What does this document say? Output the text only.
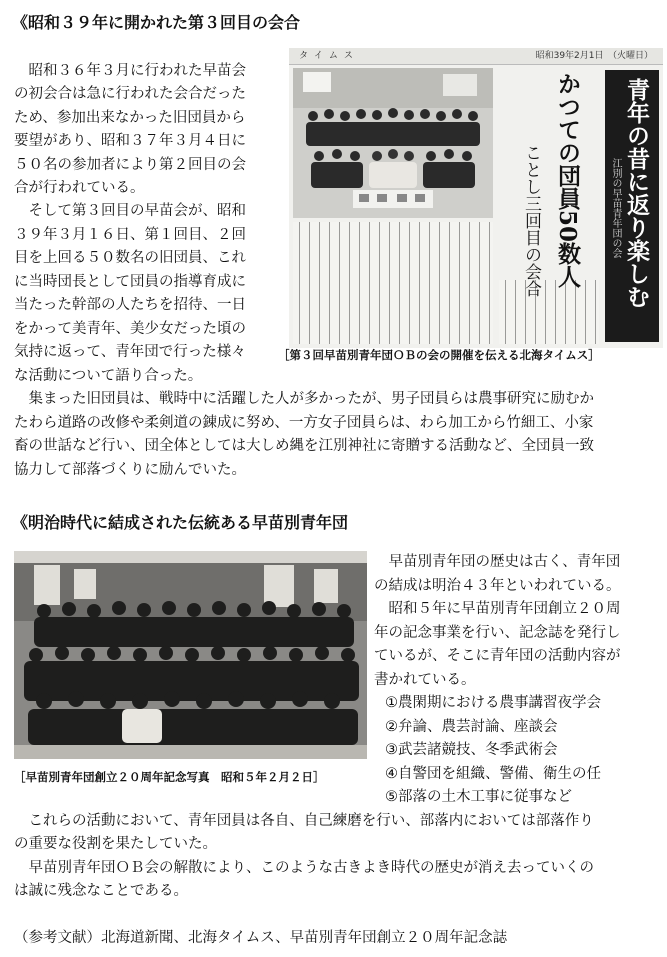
《昭和３９年に開かれた第３回目の会合
　昭和３６年３月に行われた早苗会
の初会合は急に行われた会合だった
ため、参加出来なかった旧団員から
要望があり、昭和３７年３月４日に
５０名の参加者により第２回目の会
合が行われている。
　そして第３回目の早苗会が、昭和
３９年３月１６日、第１回目、２回
目を上回る５０数名の旧団員、これ
に当時団長として団員の指導育成に
当たった幹部の人たちを招待、一日
をかって美青年、美少女だった頃の
気持に返って、青年団で行った様々
な活動について語り合った。
タイムス	昭和39年2月1日　（火曜日）
かつての団員50数人
ことし三回目の会合	青年の昔に返り楽しむ
江別の早苗青年団の会
［第３回早苗別青年団ＯＢの会の開催を伝える北海タイムス］
　集まった旧団員は、戦時中に活躍した人が多かったが、男子団員らは農事研究に励むか
たわら道路の改修や柔剣道の錬成に努め、一方女子団員らは、わら加工から竹細工、小家
畜の世話など行い、団全体としては大しめ縄を江別神社に寄贈する活動など、全団員一致
協力して部落づくりに励んでいた。
《明治時代に結成された伝統ある早苗別青年団
　早苗別青年団の歴史は古く、青年団
の結成は明治４３年といわれている。
　昭和５年に早苗別青年団創立２０周
年の記念事業を行い、記念誌を発行し
ているが、そこに青年団の活動内容が
書かれている。
①農閑期における農事講習夜学会
②弁論、農芸討論、座談会
③武芸諸競技、冬季武術会
④自警団を組織、警備、衛生の任
⑤部落の土木工事に従事など
［早苗別青年団創立２０周年記念写真　昭和５年２月２日］
　これらの活動において、青年団員は各自、自己練磨を行い、部落内においては部落作り
の重要な役割を果たしていた。
　早苗別青年団ＯＢ会の解散により、このような古きよき時代の歴史が消え去っていくの
は誠に残念なことである。
（参考文献）北海道新聞、北海タイムス、早苗別青年団創立２０周年記念誌
